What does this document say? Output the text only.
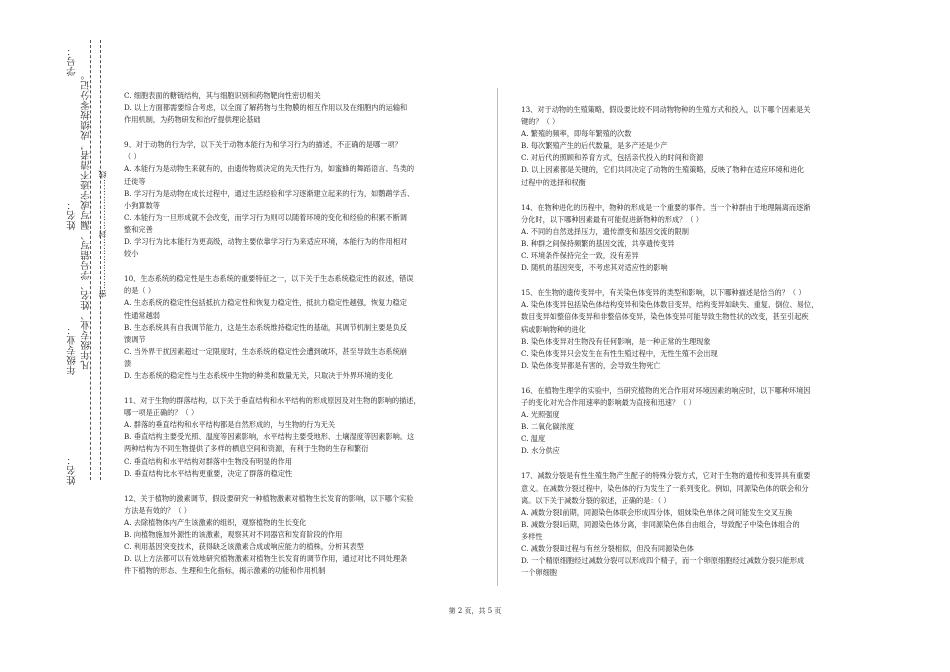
学号：
凡年级专业、姓名、学号错写、漏写或字迹不清者，成绩按零分记。
姓名：	密………………封………………线
年级专业：
姓名：

C. 细胞表面的糖链结构，其与细胞识别和药物靶向性密切相关

D. 以上方面都需要综合考虑，以全面了解药物与生物膜的相互作用以及在细胞内的运输和

作用机制，为药物研发和治疗提供理论基础

9、对于动物的行为学，以下关于动物本能行为和学习行为的描述，不正确的是哪一项？

（ ）

A. 本能行为是动物生来就有的，由遗传物质决定的先天性行为，如蜜蜂的舞蹈语言、鸟类的

迁徙等

B. 学习行为是动物在成长过程中，通过生活经验和学习逐渐建立起来的行为，如鹦鹉学舌、

小狗算数等

C. 本能行为一旦形成就不会改变，而学习行为则可以随着环境的变化和经验的积累不断调

整和完善

D. 学习行为比本能行为更高级，动物主要依靠学习行为来适应环境，本能行为的作用相对

较小

10、生态系统的稳定性是生态系统的重要特征之一，以下关于生态系统稳定性的叙述，错误

的是（ ）

A. 生态系统的稳定性包括抵抗力稳定性和恢复力稳定性，抵抗力稳定性越强，恢复力稳定

性通常越弱

B. 生态系统具有自我调节能力，这是生态系统维持稳定性的基础，其调节机制主要是负反

馈调节

C. 当外界干扰因素超过一定限度时，生态系统的稳定性会遭到破坏，甚至导致生态系统崩

溃

D. 生态系统的稳定性与生态系统中生物的种类和数量无关，只取决于外界环境的变化

11、对于生物的群落结构，以下关于垂直结构和水平结构的形成原因及对生物的影响的描述，

哪一项是正确的？（ ）

A. 群落的垂直结构和水平结构都是自然形成的，与生物的行为无关

B. 垂直结构主要受光照、温度等因素影响，水平结构主要受地形、土壤湿度等因素影响。这

两种结构为不同生物提供了多样的栖息空间和资源，有利于生物的生存和繁衍

C. 垂直结构和水平结构对群落中生物没有明显的作用

D. 垂直结构比水平结构更重要，决定了群落的稳定性

12、关于植物的激素调节，假设要研究一种植物激素对植物生长发育的影响，以下哪个实验

方法是有效的？（ ）

A. 去除植物体内产生该激素的组织，观察植物的生长变化

B. 向植物施加外源性的该激素，观察其对不同器官和发育阶段的作用

C. 利用基因突变技术，获得缺乏该激素合成或响应能力的植株，分析其表型

D. 以上方法都可以有效地研究植物激素对植物生长发育的调节作用，通过对比不同处理条

件下植物的形态、生理和生化指标，揭示激素的功能和作用机制

13、对于动物的生殖策略，假设要比较不同动物物种的生殖方式和投入，以下哪个因素是关

键的？（ ）

A. 繁殖的频率，即每年繁殖的次数

B. 每次繁殖产生的后代数量，是多产还是少产

C. 对后代的照顾和养育方式，包括亲代投入的时间和资源

D. 以上因素都是关键的，它们共同决定了动物的生殖策略，反映了物种在适应环境和进化

过程中的选择和权衡

14、在物种进化的历程中，物种的形成是一个重要的事件。当一个种群由于地理隔离而逐渐

分化时，以下哪种因素最有可能促进新物种的形成？（ ）

A. 不同的自然选择压力，遗传漂变和基因交流的限制

B. 种群之间保持频繁的基因交流，共享遗传变异

C. 环境条件保持完全一致，没有差异

D. 随机的基因突变，不考虑其对适应性的影响

15、在生物的遗传变异中，有关染色体变异的类型和影响，以下哪种描述是恰当的？（ ）

A. 染色体变异包括染色体结构变异和染色体数目变异，结构变异如缺失、重复、倒位、易位，

数目变异如整倍体变异和非整倍体变异，染色体变异可能导致生物性状的改变，甚至引起疾

病或影响物种的进化

B. 染色体变异对生物没有任何影响，是一种正常的生理现象

C. 染色体变异只会发生在有性生殖过程中，无性生殖不会出现

D. 染色体变异都是有害的，会导致生物死亡

16、在植物生理学的实验中，当研究植物的光合作用对环境因素的响应时，以下哪种环境因

子的变化对光合作用速率的影响最为直接和迅速？（ ）

A. 光照强度

B. 二氧化碳浓度

C. 温度

D. 水分供应

17、减数分裂是有性生殖生物产生配子的特殊分裂方式，它对于生物的遗传和变异具有重要

意义。在减数分裂过程中，染色体的行为发生了一系列变化。例如，同源染色体的联会和分

离。以下关于减数分裂的叙述，正确的是：（ ）

A. 减数分裂Ⅰ前期，同源染色体联会形成四分体，姐妹染色单体之间可能发生交叉互换

B. 减数分裂Ⅰ后期，同源染色体分离，非同源染色体自由组合，导致配子中染色体组合的

多样性

C. 减数分裂Ⅱ过程与有丝分裂相似，但没有同源染色体

D. 一个精原细胞经过减数分裂可以形成四个精子，而一个卵原细胞经过减数分裂只能形成

一个卵细胞

第 2 页，共 5 页
